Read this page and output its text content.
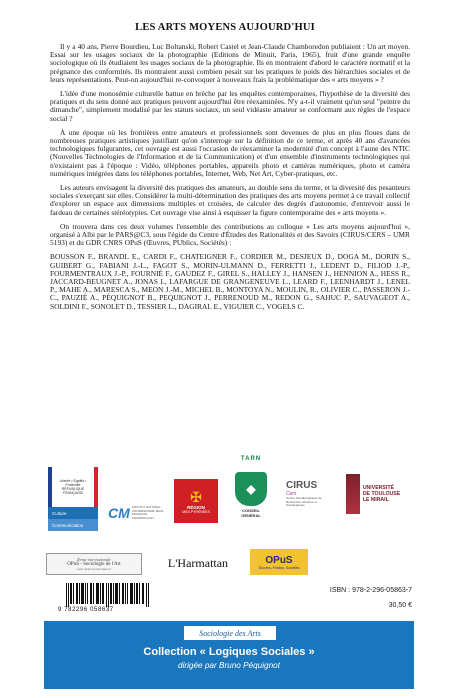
LES ARTS MOYENS AUJOURD'HUI

Il y a 40 ans, Pierre Bourdieu, Luc Boltanski, Robert Castel et Jean-Claude Chamboredon publiaient : Un art moyen. Essai sur les usages sociaux de la photographie (Editions de Minuit, Paris, 1965), fruit d'une grande enquête sociologique où ils étudiaient les usages sociaux de la photographie. Ils en montraient d'abord le caractère normatif et la prégnance des conformités. Ils montraient aussi combien pesait sur les pratiques le poids des hiérarchies sociales et de leurs représentations. Peut-on aujourd'hui re-convoquer à nouveaux frais la problématique des « arts moyens » ?

L'idée d'une monosémie culturelle battue en brèche par les enquêtes contemporaines, l'hypothèse de la diversité des pratiques et du sens donné aux pratiques peuvent aujourd'hui être réexaminées. N'y a-t-il vraiment qu'un seul "peintre du dimanche", simplement modalisé par les statuts sociaux, un seul vidéaste amateur se conformant aux règles de l'espace social ?

À une époque où les frontières entre amateurs et professionnels sont devenues de plus en plus floues dans de nombreuses pratiques artistiques justifiant qu'on s'interroge sur la définition de ce terme, et après 40 ans d'avancées technologiques fulgurantes, cet ouvrage est aussi l'occasion de réexaminer la modernité d'un concept à l'aune des NTIC (Nouvelles Technologies de l'Information et de la Communication) et d'un ensemble d'instruments technologiques qui n'existaient pas à l'époque : Vidéo, téléphones portables, appareils photo et caméras numériques, photo et caméra numériques intégrées dans les téléphones portables, Internet, Web, Net Art, Cyber-pratiques, etc.

Les auteurs envisagent la diversité des pratiques des amateurs, au double sens du terme, et la diversité des pesanteurs sociales s'exerçant sur elles. Considérer la multi-détermination des pratiques des arts moyens permet à ce travail collectif d'explorer un espace aux dimensions multiples et croisées, de calculer des degrés d'autonomie, d'entrevoir aussi le fardeau de certaines stéréotypies. Cet ouvrage vise ainsi à esquisser la figure contemporaine des « arts moyens ».

On trouvera dans ces deux volumes l'ensemble des contributions au colloque « Les arts moyens aujourd'hui », organisé à Albi par le PARS@C3, sous l'égide du Centre d'Études des Rationalités et des Savoirs (CIRUS/CERS – UMR 5193) et du GDR CNRS OPuS (Œuvres, PUblics, Sociétés) :

BOUSSON F., BRANDL E., CARDI F., CHATEIGNER F., CORDIER M., DESJEUX D., DOGA M., DORIN S., GUIBERT G., FABIANI J.-L., FAGOT S., MORIN-ULMANN D., FERRETTI J., LEDENT D., FILIOD J.-P., FOURMENTRAUX J.-P., FOURNIÉ F., GAUDEZ F., GIREL S., HALLEY J., HANSEN J., HENNION A., HESS R., JACCARD-BEUGNET A., JONAS I., LAFARGUE DE GRANGENEUVE L., LEARD F., LEENHARDT J., LENEL P., MAHE A., MARESCA S., MEON J.-M., MICHEL B., MONTOYA N., MOULIN, R., OLIVIER C., PASSERON J.-C., PAUZIÉ A., PÉQUIGNOT B., PEQUIGNOT J., PERRENOUD M., REDON G., SAHUC P., SAUVAGEOT A., SOLDINI F., SONOLET D., TESSIER L., DAGIRAL E., VIGUIER C., VOGELS C.

Liberté • Égalité • Fraternité
RÉPUBLIQUE FRANÇAISE
Culture
Communication
CM INSTITUT NATIONAL UNIVERSITAIRE JEAN-FRANÇOIS CHAMPOLLION
✠
RÉGION
MIDI-PYRÉNÉES
TARN
◆
CONSEIL
GÉNÉRAL
CIRUS
Cers
Centre Interdisciplinaire de Recherche Urbaines et Sociologiques
UNIVERSITÉ
DE TOULOUSE
LE MIRAIL
Revue internationale
OPuS - Sociologie de l'Art
www.editions-harmattan.fr	L'Harmattan	OPuS
Œuvres, Publics, Sociétés
9 782296 058637
ISBN : 978-2-296-05863-7
30,50 €
Sociologie des Arts
Collection « Logiques Sociales »
dirigée par Bruno Péquignot
